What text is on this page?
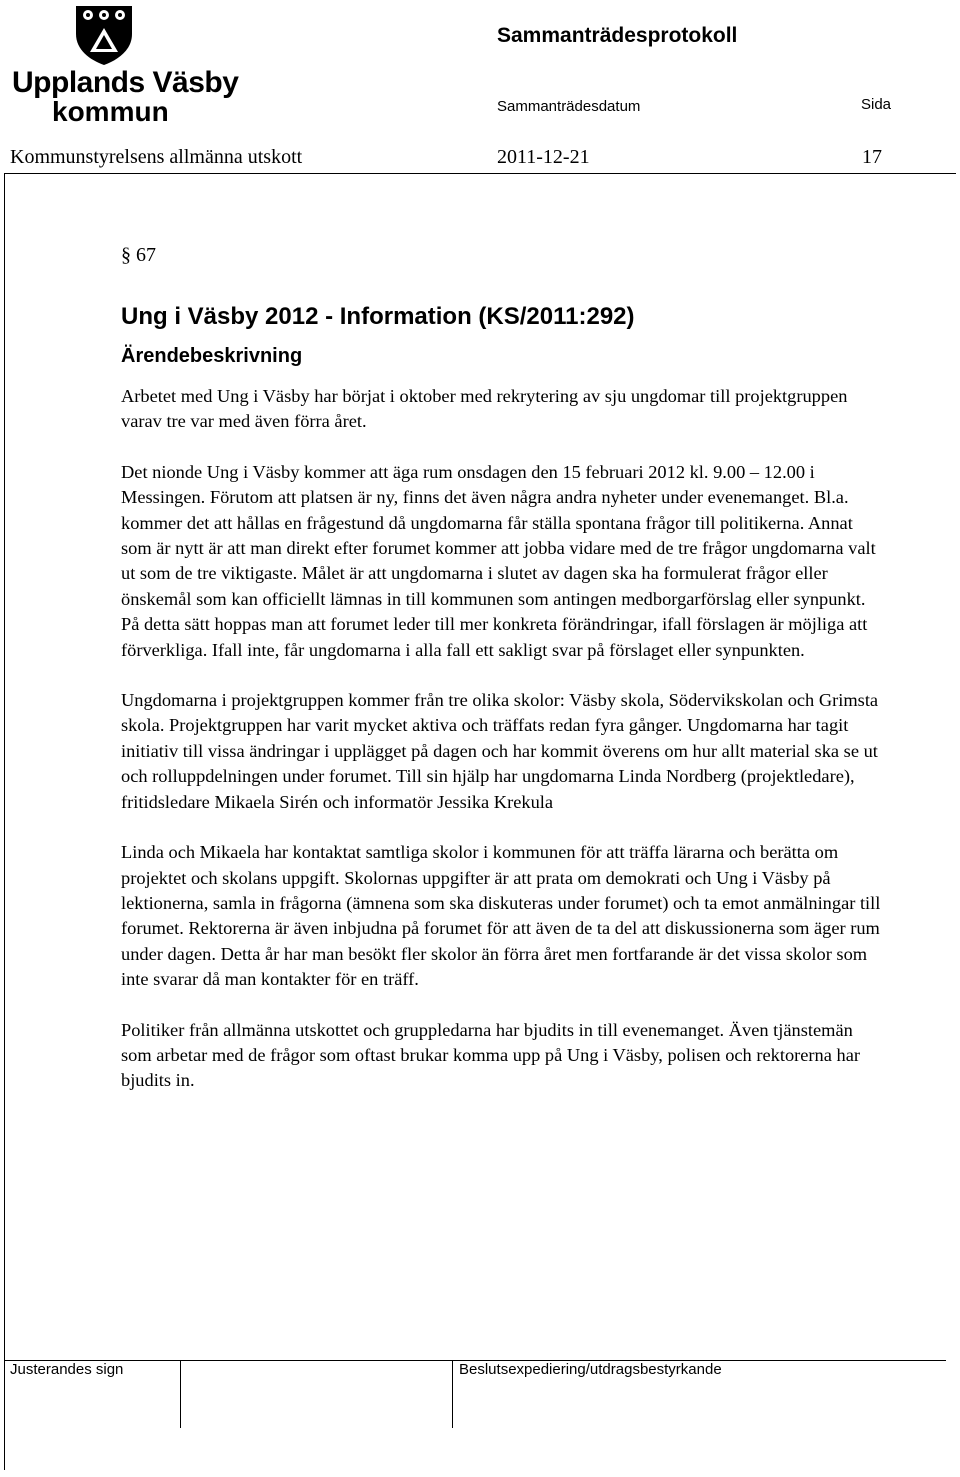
Upplands Väsby
kommun
Sammanträdesprotokoll
Sammanträdesdatum	Sida
Kommunstyrelsens allmänna utskott	2011-12-21	17
§ 67
Ung i Väsby 2012 - Information (KS/2011:292)
Ärendebeskrivning

Arbetet med Ung i Väsby har börjat i oktober med rekrytering av sju ungdomar till projektgruppen varav tre var med även förra året.

Det nionde Ung i Väsby kommer att äga rum onsdagen den 15 februari 2012 kl. 9.00 – 12.00 i Messingen. Förutom att platsen är ny, finns det även några andra nyheter under evenemanget. Bl.a. kommer det att hållas en frågestund då ungdomarna får ställa spontana frågor till politikerna. Annat som är nytt är att man direkt efter forumet kommer att jobba vidare med de tre frågor ungdomarna valt ut som de tre viktigaste. Målet är att ungdomarna i slutet av dagen ska ha formulerat frågor eller önskemål som kan officiellt lämnas in till kommunen som antingen medborgarförslag eller synpunkt. På detta sätt hoppas man att forumet leder till mer konkreta förändringar, ifall förslagen är möjliga att förverkliga. Ifall inte, får ungdomarna i alla fall ett sakligt svar på förslaget eller synpunkten.

Ungdomarna i projektgruppen kommer från tre olika skolor: Väsby skola, Södervikskolan och Grimsta skola. Projektgruppen har varit mycket aktiva och träffats redan fyra gånger. Ungdomarna har tagit initiativ till vissa ändringar i upplägget på dagen och har kommit överens om hur allt material ska se ut och rolluppdelningen under forumet. Till sin hjälp har ungdomarna Linda Nordberg (projektledare), fritidsledare Mikaela Sirén och informatör Jessika Krekula

Linda och Mikaela har kontaktat samtliga skolor i kommunen för att träffa lärarna och berätta om projektet och skolans uppgift. Skolornas uppgifter är att prata om demokrati och Ung i Väsby på lektionerna, samla in frågorna (ämnena som ska diskuteras under forumet) och ta emot anmälningar till forumet. Rektorerna är även inbjudna på forumet för att även de ta del att diskussionerna som äger rum under dagen. Detta år har man besökt fler skolor än förra året men fortfarande är det vissa skolor som inte svarar då man kontakter för en träff.

Politiker från allmänna utskottet och gruppledarna har bjudits in till evenemanget. Även tjänstemän som arbetar med de frågor som oftast brukar komma upp på Ung i Väsby, polisen och rektorerna har bjudits in.

Justerandes sign	Beslutsexpediering/utdragsbestyrkande
